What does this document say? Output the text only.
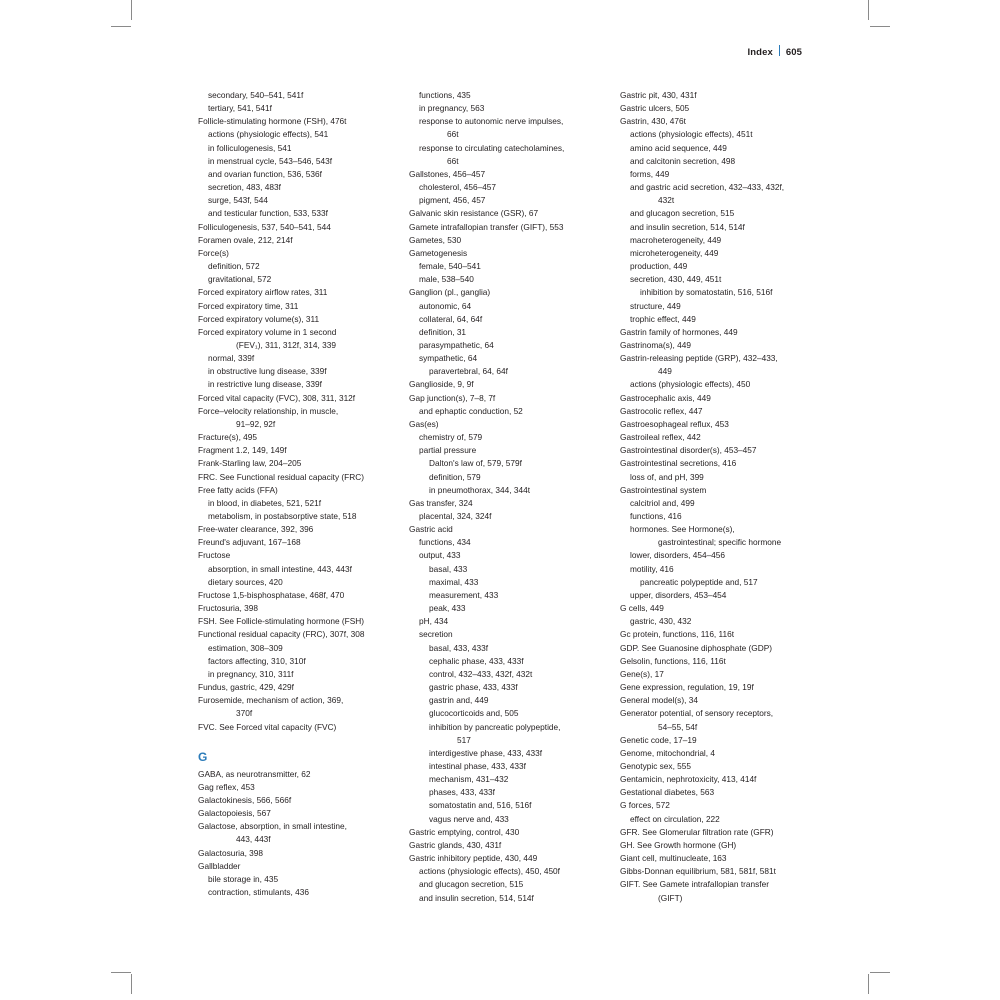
Index 605
secondary, 540–541, 541f
tertiary, 541, 541f
Follicle-stimulating hormone (FSH), 476t
actions (physiologic effects), 541
in folliculogenesis, 541
in menstrual cycle, 543–546, 543f
and ovarian function, 536, 536f
secretion, 483, 483f
surge, 543f, 544
and testicular function, 533, 533f
Folliculogenesis, 537, 540–541, 544
Foramen ovale, 212, 214f
Force(s)
definition, 572
gravitational, 572
Forced expiratory airflow rates, 311
Forced expiratory time, 311
Forced expiratory volume(s), 311
Forced expiratory volume in 1 second
(FEV₁), 311, 312f, 314, 339
normal, 339f
in obstructive lung disease, 339f
in restrictive lung disease, 339f
Forced vital capacity (FVC), 308, 311, 312f
Force–velocity relationship, in muscle,
91–92, 92f
Fracture(s), 495
Fragment 1.2, 149, 149f
Frank-Starling law, 204–205
FRC. See Functional residual capacity (FRC)
Free fatty acids (FFA)
in blood, in diabetes, 521, 521f
metabolism, in postabsorptive state, 518
Free-water clearance, 392, 396
Freund's adjuvant, 167–168
Fructose
absorption, in small intestine, 443, 443f
dietary sources, 420
Fructose 1,5-bisphosphatase, 468f, 470
Fructosuria, 398
FSH. See Follicle-stimulating hormone (FSH)
Functional residual capacity (FRC), 307f, 308
estimation, 308–309
factors affecting, 310, 310f
in pregnancy, 310, 311f
Fundus, gastric, 429, 429f
Furosemide, mechanism of action, 369,
370f
FVC. See Forced vital capacity (FVC)
G
GABA, as neurotransmitter, 62
Gag reflex, 453
Galactokinesis, 566, 566f
Galactopoiesis, 567
Galactose, absorption, in small intestine,
443, 443f
Galactosuria, 398
Gallbladder
bile storage in, 435
contraction, stimulants, 436
functions, 435
in pregnancy, 563
response to autonomic nerve impulses,
66t
response to circulating catecholamines,
66t
Gallstones, 456–457
cholesterol, 456–457
pigment, 456, 457
Galvanic skin resistance (GSR), 67
Gamete intrafallopian transfer (GIFT), 553
Gametes, 530
Gametogenesis
female, 540–541
male, 538–540
Ganglion (pl., ganglia)
autonomic, 64
collateral, 64, 64f
definition, 31
parasympathetic, 64
sympathetic, 64
paravertebral, 64, 64f
Ganglioside, 9, 9f
Gap junction(s), 7–8, 7f
and ephaptic conduction, 52
Gas(es)
chemistry of, 579
partial pressure
Dalton's law of, 579, 579f
definition, 579
in pneumothorax, 344, 344t
Gas transfer, 324
placental, 324, 324f
Gastric acid
functions, 434
output, 433
basal, 433
maximal, 433
measurement, 433
peak, 433
pH, 434
secretion
basal, 433, 433f
cephalic phase, 433, 433f
control, 432–433, 432f, 432t
gastric phase, 433, 433f
gastrin and, 449
glucocorticoids and, 505
inhibition by pancreatic polypeptide,
517
interdigestive phase, 433, 433f
intestinal phase, 433, 433f
mechanism, 431–432
phases, 433, 433f
somatostatin and, 516, 516f
vagus nerve and, 433
Gastric emptying, control, 430
Gastric glands, 430, 431f
Gastric inhibitory peptide, 430, 449
actions (physiologic effects), 450, 450f
and glucagon secretion, 515
and insulin secretion, 514, 514f
Gastric pit, 430, 431f
Gastric ulcers, 505
Gastrin, 430, 476t
actions (physiologic effects), 451t
amino acid sequence, 449
and calcitonin secretion, 498
forms, 449
and gastric acid secretion, 432–433, 432f,
432t
and glucagon secretion, 515
and insulin secretion, 514, 514f
macroheterogeneity, 449
microheterogeneity, 449
production, 449
secretion, 430, 449, 451t
inhibition by somatostatin, 516, 516f
structure, 449
trophic effect, 449
Gastrin family of hormones, 449
Gastrinoma(s), 449
Gastrin-releasing peptide (GRP), 432–433,
449
actions (physiologic effects), 450
Gastrocephalic axis, 449
Gastrocolic reflex, 447
Gastroesophageal reflux, 453
Gastroileal reflex, 442
Gastrointestinal disorder(s), 453–457
Gastrointestinal secretions, 416
loss of, and pH, 399
Gastrointestinal system
calcitriol and, 499
functions, 416
hormones. See Hormone(s),
gastrointestinal; specific hormone
lower, disorders, 454–456
motility, 416
pancreatic polypeptide and, 517
upper, disorders, 453–454
G cells, 449
gastric, 430, 432
Gc protein, functions, 116, 116t
GDP. See Guanosine diphosphate (GDP)
Gelsolin, functions, 116, 116t
Gene(s), 17
Gene expression, regulation, 19, 19f
General model(s), 34
Generator potential, of sensory receptors,
54–55, 54f
Genetic code, 17–19
Genome, mitochondrial, 4
Genotypic sex, 555
Gentamicin, nephrotoxicity, 413, 414f
Gestational diabetes, 563
G forces, 572
effect on circulation, 222
GFR. See Glomerular filtration rate (GFR)
GH. See Growth hormone (GH)
Giant cell, multinucleate, 163
Gibbs-Donnan equilibrium, 581, 581f, 581t
GIFT. See Gamete intrafallopian transfer
(GIFT)
